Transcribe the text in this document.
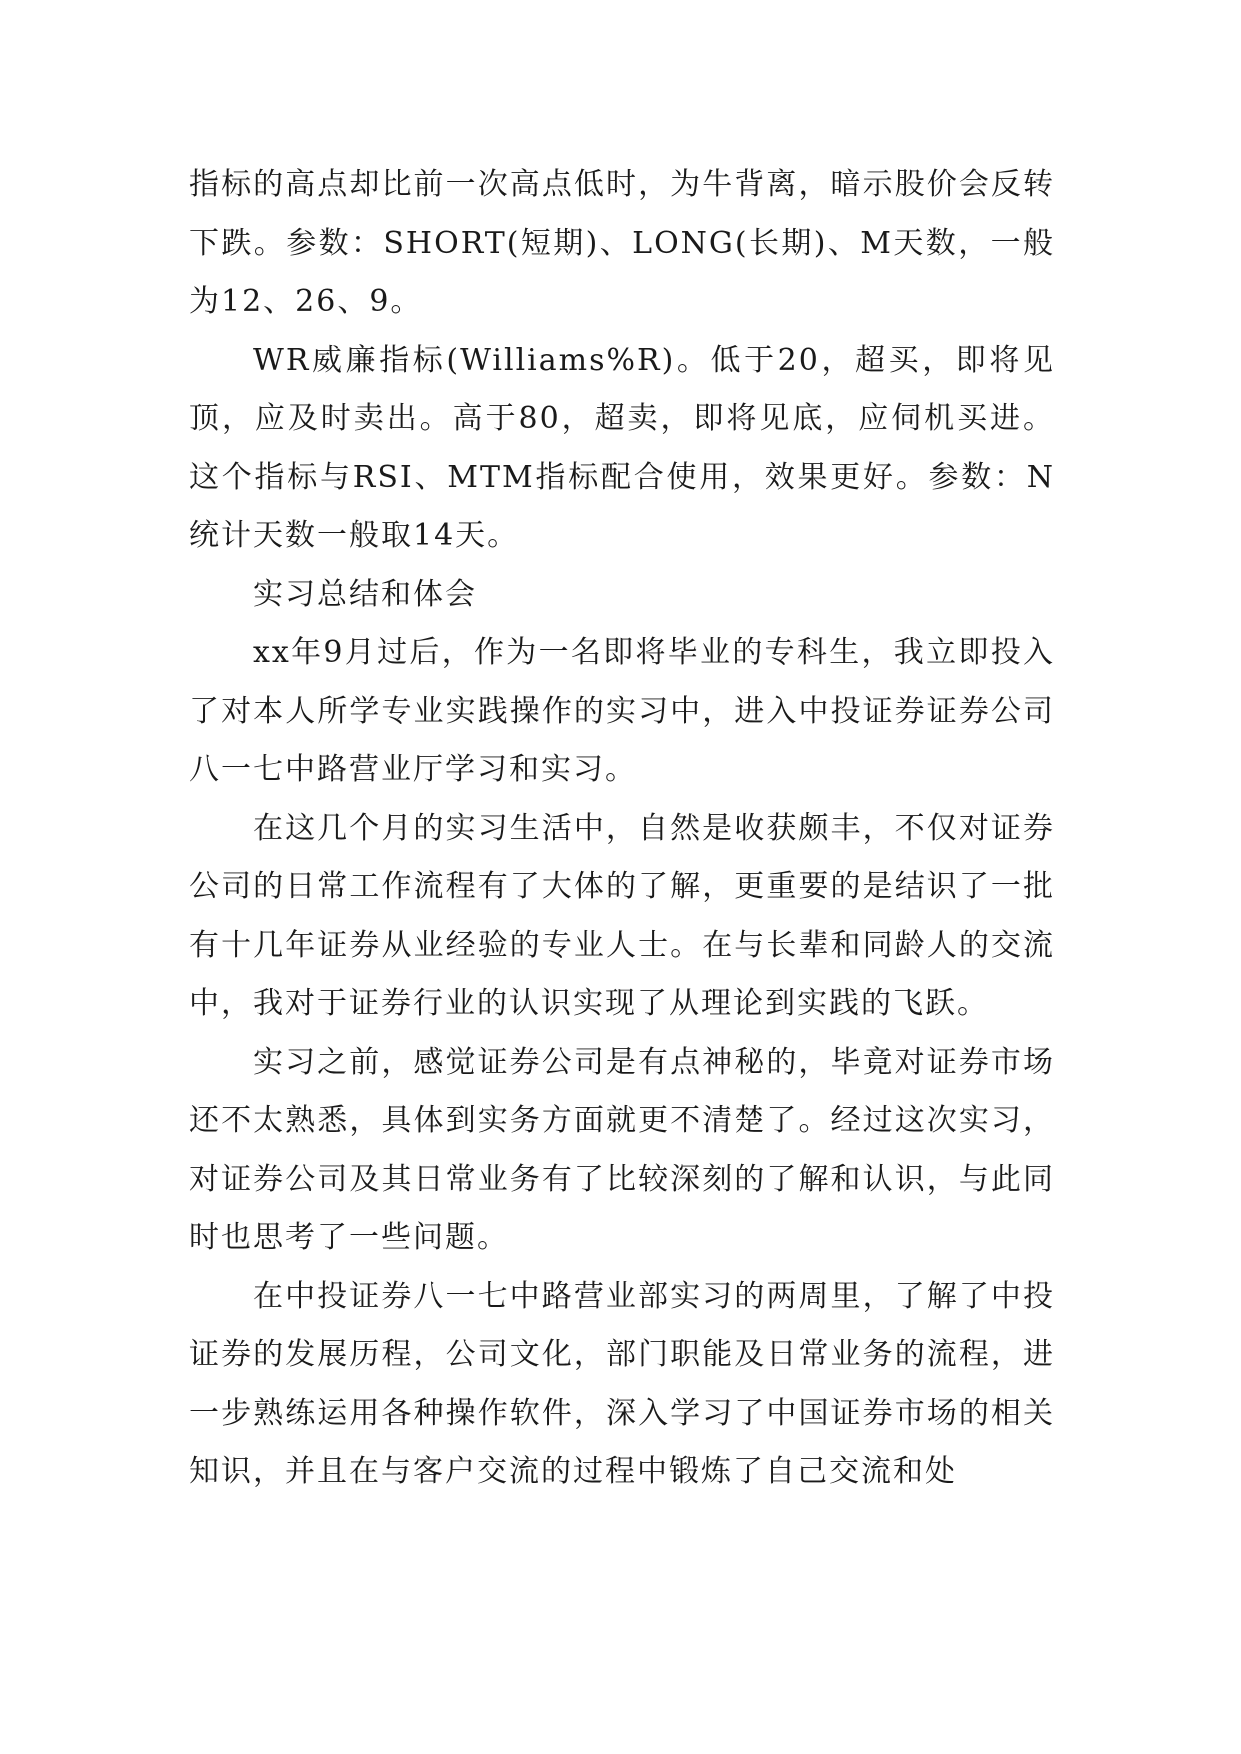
指标的高点却比前一次高点低时，为牛背离，暗示股价会反转下跌。参数：SHORT(短期)、LONG(长期)、M天数，一般为12、26、9。

WR威廉指标(Williams%R)。低于20，超买，即将见顶，应及时卖出。高于80，超卖，即将见底，应伺机买进。这个指标与RSI、MTM指标配合使用，效果更好。参数：N统计天数一般取14天。

实习总结和体会

xx年9月过后，作为一名即将毕业的专科生，我立即投入了对本人所学专业实践操作的实习中，进入中投证券证券公司八一七中路营业厅学习和实习。

在这几个月的实习生活中，自然是收获颇丰，不仅对证券公司的日常工作流程有了大体的了解，更重要的是结识了一批有十几年证券从业经验的专业人士。在与长辈和同龄人的交流中，我对于证券行业的认识实现了从理论到实践的飞跃。

实习之前，感觉证券公司是有点神秘的，毕竟对证券市场还不太熟悉，具体到实务方面就更不清楚了。经过这次实习，对证券公司及其日常业务有了比较深刻的了解和认识，与此同时也思考了一些问题。

在中投证券八一七中路营业部实习的两周里，了解了中投证券的发展历程，公司文化，部门职能及日常业务的流程，进一步熟练运用各种操作软件，深入学习了中国证券市场的相关知识，并且在与客户交流的过程中锻炼了自己交流和处
